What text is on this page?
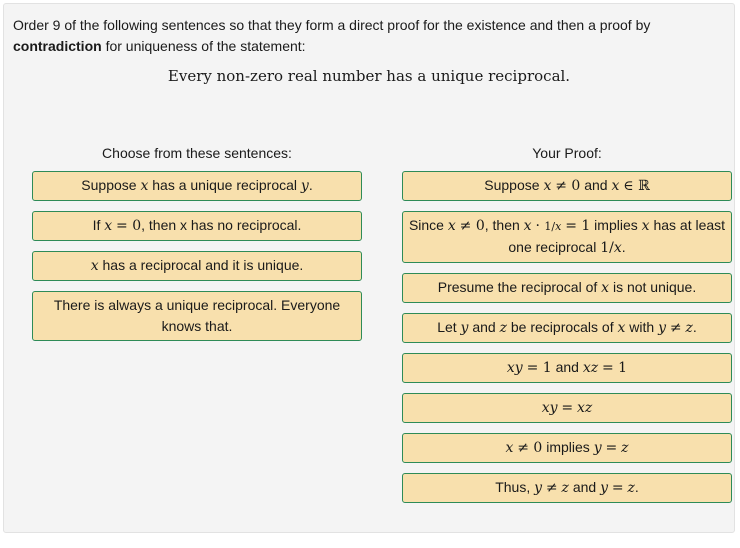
Order 9 of the following sentences so that they form a direct proof for the existence and then a proof by
contradiction for uniqueness of the statement:
Every non-zero real number has a unique reciprocal.
Choose from these sentences:	Your Proof:
Suppose x has a unique reciprocal y.
If x = 0, then x has no reciprocal.
x has a reciprocal and it is unique.
There is always a unique reciprocal. Everyone knows that.
Suppose x ≠ 0 and x ∈ ℝ
Since x ≠ 0, then x · 1/x = 1 implies x has at least one reciprocal 1/x.
Presume the reciprocal of x is not unique.
Let y and z be reciprocals of x with y ≠ z.
xy = 1 and xz = 1
xy = xz
x ≠ 0 implies y = z
Thus, y ≠ z and y = z.
